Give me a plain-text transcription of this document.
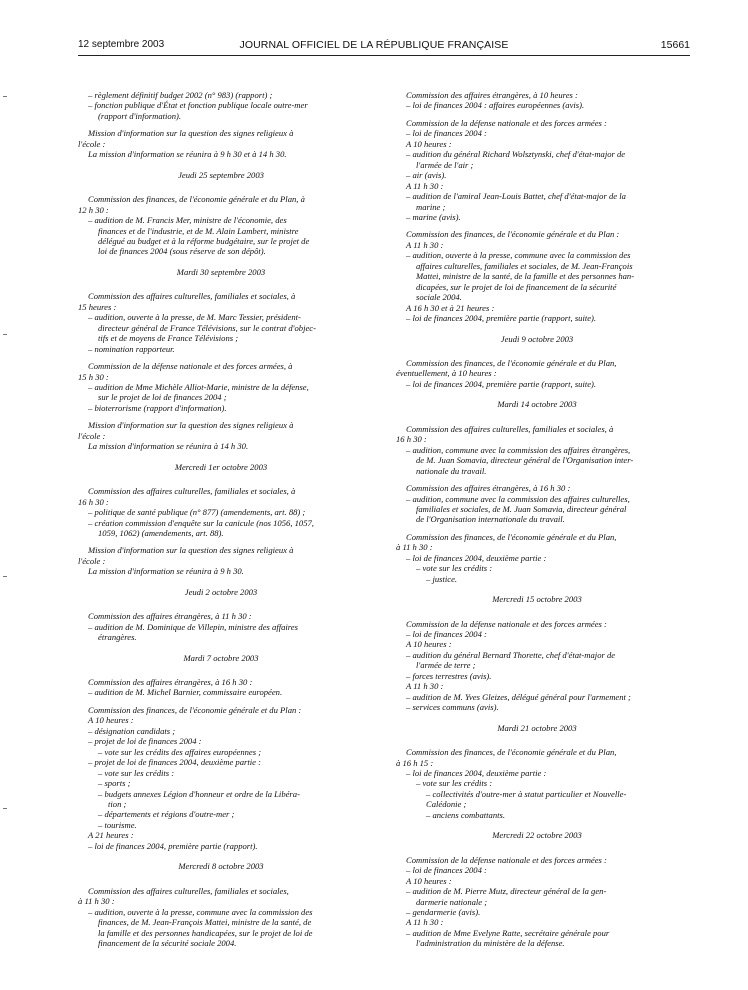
12 septembre 2003	JOURNAL OFFICIEL DE LA RÉPUBLIQUE FRANÇAISE	15661
– règlement définitif budget 2002 (n° 983) (rapport) ;
– fonction publique d'État et fonction publique locale outre-mer
(rapport d'information).
Mission d'information sur la question des signes religieux à
l'école :
La mission d'information se réunira à 9 h 30 et à 14 h 30.
Jeudi 25 septembre 2003
Commission des finances, de l'économie générale et du Plan, à
12 h 30 :
– audition de M. Francis Mer, ministre de l'économie, des
finances et de l'industrie, et de M. Alain Lambert, ministre
délégué au budget et à la réforme budgétaire, sur le projet de
loi de finances 2004 (sous réserve de son dépôt).
Mardi 30 septembre 2003
Commission des affaires culturelles, familiales et sociales, à
15 heures :
– audition, ouverte à la presse, de M. Marc Tessier, président-
directeur général de France Télévisions, sur le contrat d'objec-
tifs et de moyens de France Télévisions ;
– nomination rapporteur.
Commission de la défense nationale et des forces armées, à
15 h 30 :
– audition de Mme Michèle Alliot-Marie, ministre de la défense,
sur le projet de loi de finances 2004 ;
– bioterrorisme (rapport d'information).
Mission d'information sur la question des signes religieux à
l'école :
La mission d'information se réunira à 14 h 30.
Mercredi 1er octobre 2003
Commission des affaires culturelles, familiales et sociales, à
16 h 30 :
– politique de santé publique (n° 877) (amendements, art. 88) ;
– création commission d'enquête sur la canicule (nos 1056, 1057,
1059, 1062) (amendements, art. 88).
Mission d'information sur la question des signes religieux à
l'école :
La mission d'information se réunira à 9 h 30.
Jeudi 2 octobre 2003
Commission des affaires étrangères, à 11 h 30 :
– audition de M. Dominique de Villepin, ministre des affaires
étrangères.
Mardi 7 octobre 2003
Commission des affaires étrangères, à 16 h 30 :
– audition de M. Michel Barnier, commissaire européen.
Commission des finances, de l'économie générale et du Plan :
A 10 heures :
– désignation candidats ;
– projet de loi de finances 2004 :
– vote sur les crédits des affaires européennes ;
– projet de loi de finances 2004, deuxième partie :
– vote sur les crédits :
– sports ;
– budgets annexes Légion d'honneur et ordre de la Libéra-
tion ;
– départements et régions d'outre-mer ;
– tourisme.
A 21 heures :
– loi de finances 2004, première partie (rapport).
Mercredi 8 octobre 2003
Commission des affaires culturelles, familiales et sociales,
à 11 h 30 :
– audition, ouverte à la presse, commune avec la commission des
finances, de M. Jean-François Mattei, ministre de la santé, de
la famille et des personnes handicapées, sur le projet de loi de
financement de la sécurité sociale 2004.
Commission des affaires étrangères, à 10 heures :
– loi de finances 2004 : affaires européennes (avis).
Commission de la défense nationale et des forces armées :
– loi de finances 2004 :
A 10 heures :
– audition du général Richard Wolsztynski, chef d'état-major de
l'armée de l'air ;
– air (avis).
A 11 h 30 :
– audition de l'amiral Jean-Louis Battet, chef d'état-major de la
marine ;
– marine (avis).
Commission des finances, de l'économie générale et du Plan :
A 11 h 30 :
– audition, ouverte à la presse, commune avec la commission des
affaires culturelles, familiales et sociales, de M. Jean-François
Mattei, ministre de la santé, de la famille et des personnes han-
dicapées, sur le projet de loi de financement de la sécurité
sociale 2004.
A 16 h 30 et à 21 heures :
– loi de finances 2004, première partie (rapport, suite).
Jeudi 9 octobre 2003
Commission des finances, de l'économie générale et du Plan,
éventuellement, à 10 heures :
– loi de finances 2004, première partie (rapport, suite).
Mardi 14 octobre 2003
Commission des affaires culturelles, familiales et sociales, à
16 h 30 :
– audition, commune avec la commission des affaires étrangères,
de M. Juan Somavia, directeur général de l'Organisation inter-
nationale du travail.
Commission des affaires étrangères, à 16 h 30 :
– audition, commune avec la commission des affaires culturelles,
familiales et sociales, de M. Juan Somavia, directeur général
de l'Organisation internationale du travail.
Commission des finances, de l'économie générale et du Plan,
à 11 h 30 :
– loi de finances 2004, deuxième partie :
– vote sur les crédits :
– justice.
Mercredi 15 octobre 2003
Commission de la défense nationale et des forces armées :
– loi de finances 2004 :
A 10 heures :
– audition du général Bernard Thorette, chef d'état-major de
l'armée de terre ;
– forces terrestres (avis).
A 11 h 30 :
– audition de M. Yves Gleizes, délégué général pour l'armement ;
– services communs (avis).
Mardi 21 octobre 2003
Commission des finances, de l'économie générale et du Plan,
à 16 h 15 :
– loi de finances 2004, deuxième partie :
– vote sur les crédits :
– collectivités d'outre-mer à statut particulier et Nouvelle-
Calédonie ;
– anciens combattants.
Mercredi 22 octobre 2003
Commission de la défense nationale et des forces armées :
– loi de finances 2004 :
A 10 heures :
– audition de M. Pierre Mutz, directeur général de la gen-
darmerie nationale ;
– gendarmerie (avis).
A 11 h 30 :
– audition de Mme Evelyne Ratte, secrétaire générale pour
l'administration du ministère de la défense.
